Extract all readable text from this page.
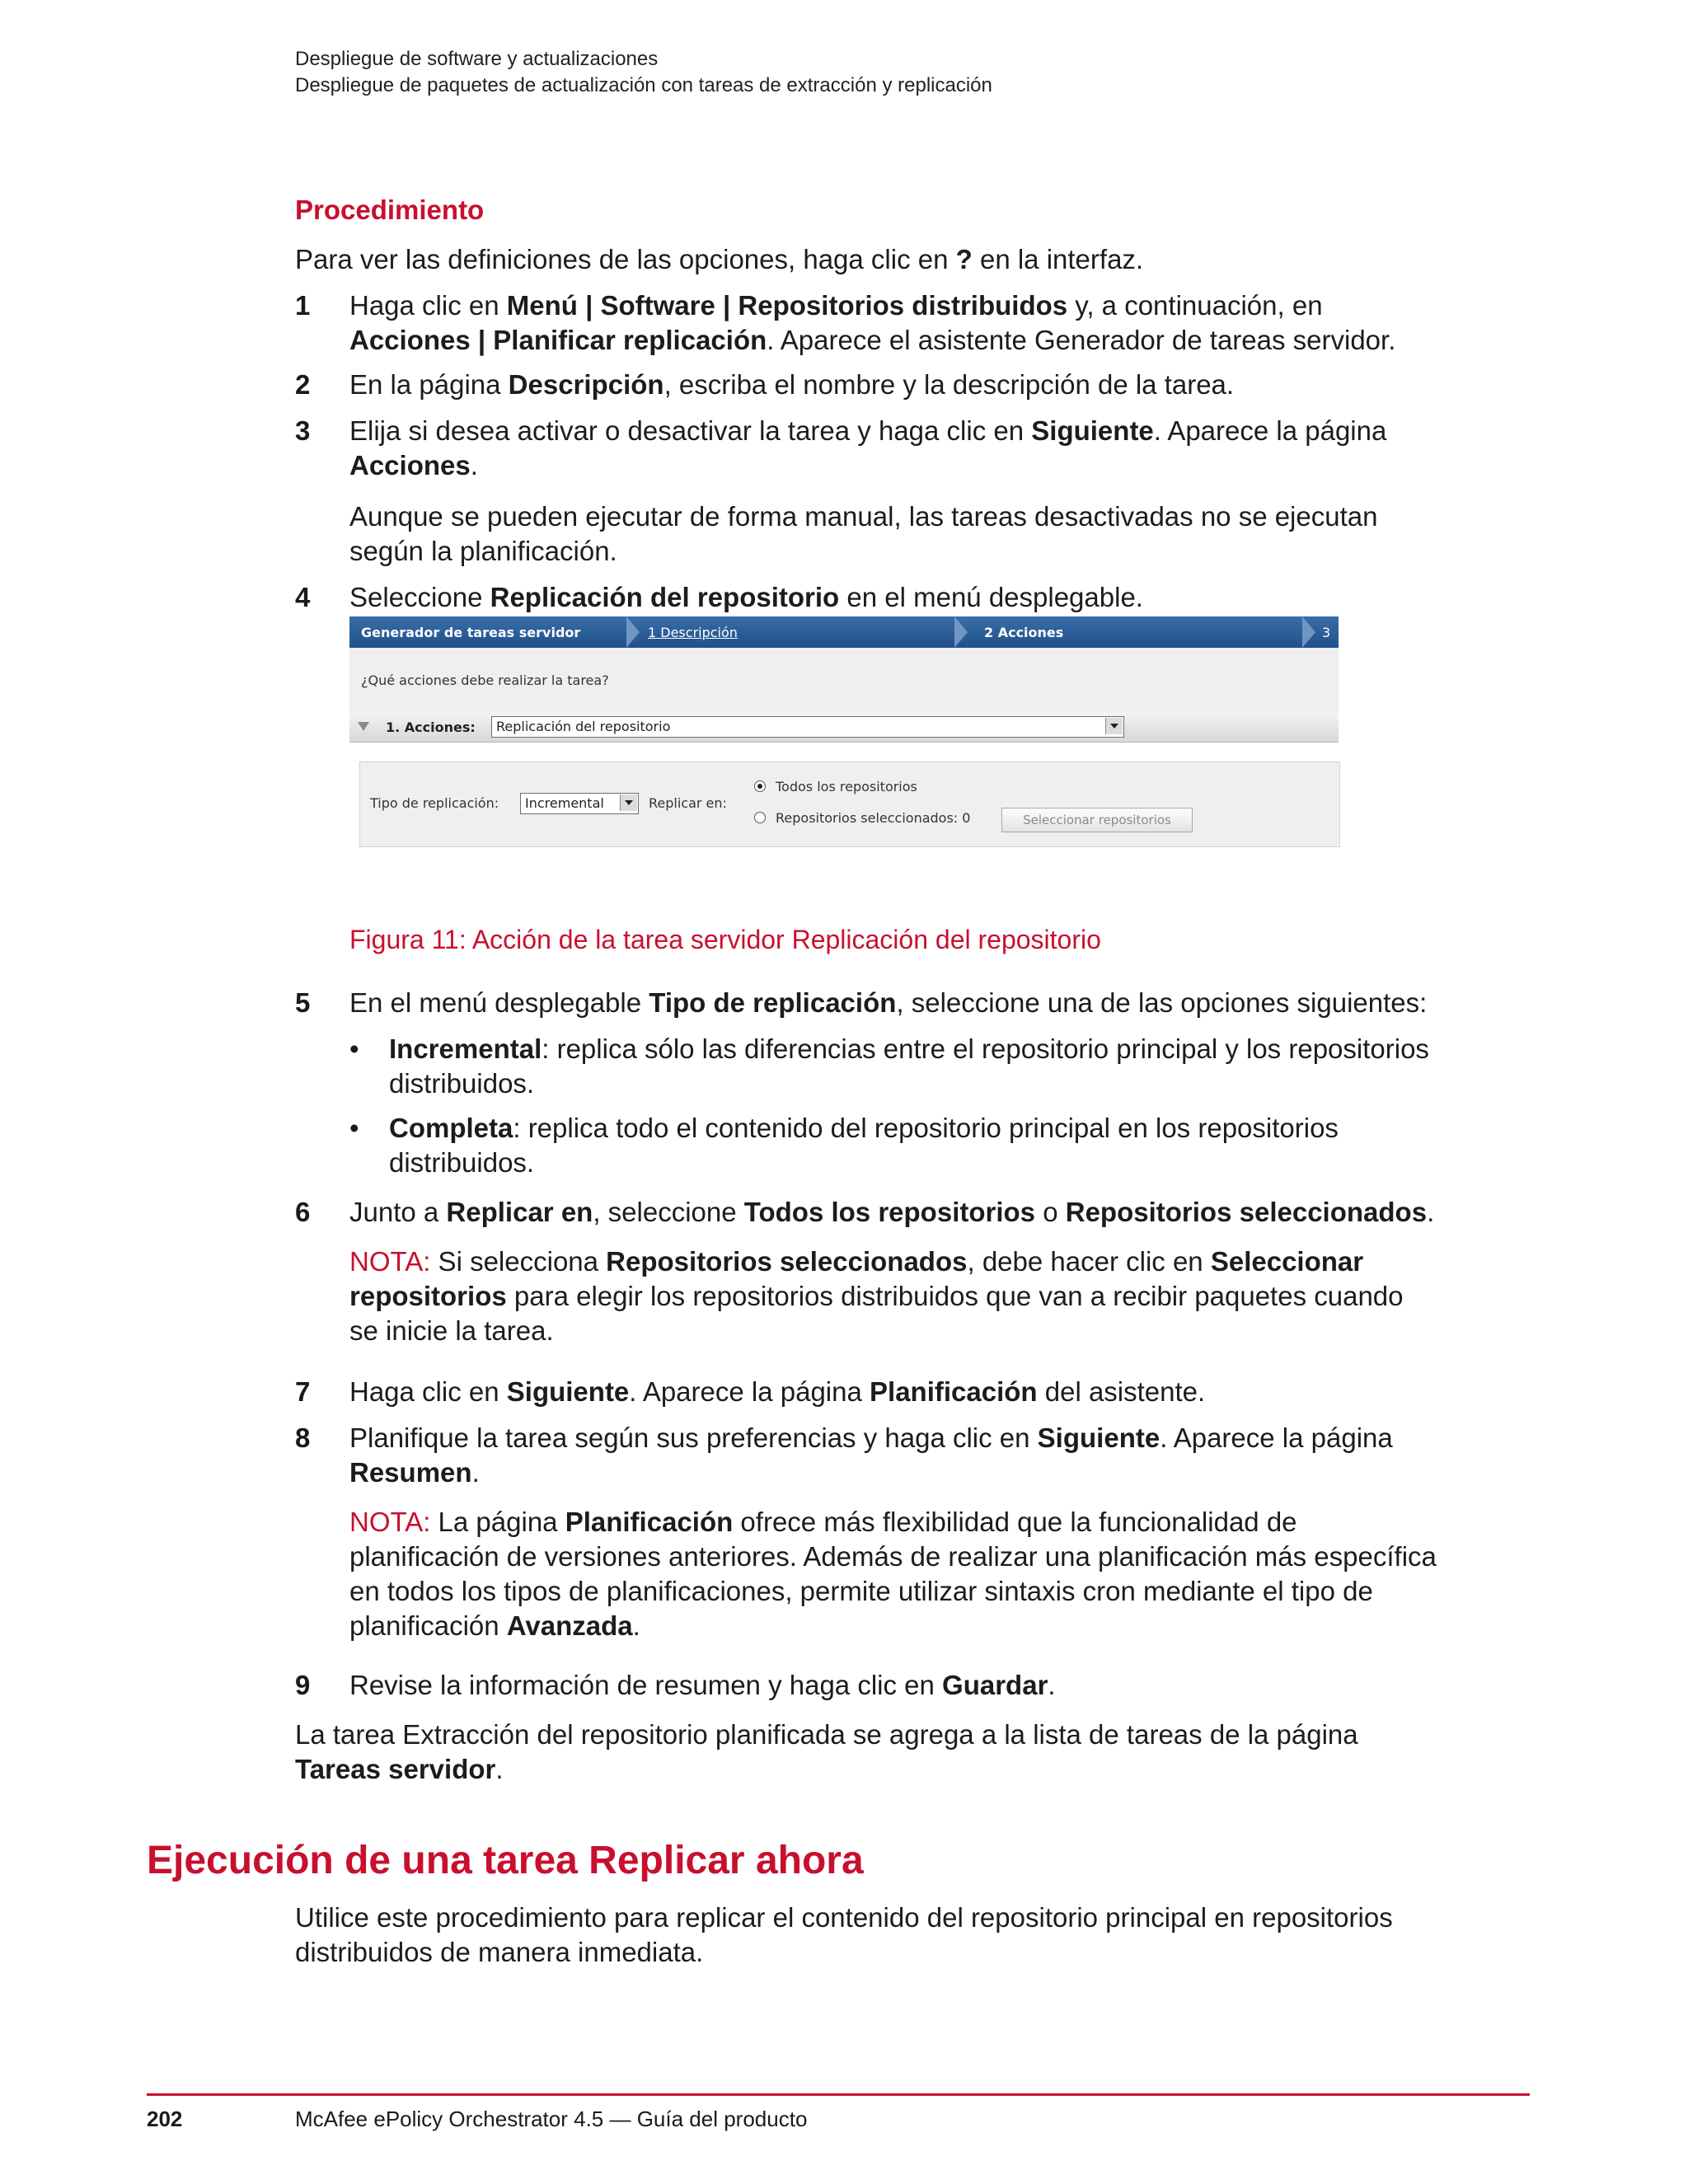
Despliegue de software y actualizaciones
Despliegue de paquetes de actualización con tareas de extracción y replicación
Procedimiento
Para ver las definiciones de las opciones, haga clic en ? en la interfaz.
1 Haga clic en Menú | Software | Repositorios distribuidos y, a continuación, en Acciones | Planificar replicación. Aparece el asistente Generador de tareas servidor.
2 En la página Descripción, escriba el nombre y la descripción de la tarea.
3 Elija si desea activar o desactivar la tarea y haga clic en Siguiente. Aparece la página Acciones.
Aunque se pueden ejecutar de forma manual, las tareas desactivadas no se ejecutan según la planificación.
4 Seleccione Replicación del repositorio en el menú desplegable.
Generador de tareas servidor	1 Descripción	2 Acciones	3
¿Qué acciones debe realizar la tarea?
1. Acciones: Replicación del repositorio
Tipo de replicación: Incremental	Replicar en:
Todos los repositorios
Repositorios seleccionados: 0	Seleccionar repositorios
Figura 11: Acción de la tarea servidor Replicación del repositorio
5 En el menú desplegable Tipo de replicación, seleccione una de las opciones siguientes:
• Incremental: replica sólo las diferencias entre el repositorio principal y los repositorios distribuidos.
• Completa: replica todo el contenido del repositorio principal en los repositorios distribuidos.
6 Junto a Replicar en, seleccione Todos los repositorios o Repositorios seleccionados.
NOTA: Si selecciona Repositorios seleccionados, debe hacer clic en Seleccionar repositorios para elegir los repositorios distribuidos que van a recibir paquetes cuando se inicie la tarea.
7 Haga clic en Siguiente. Aparece la página Planificación del asistente.
8 Planifique la tarea según sus preferencias y haga clic en Siguiente. Aparece la página Resumen.
NOTA: La página Planificación ofrece más flexibilidad que la funcionalidad de planificación de versiones anteriores. Además de realizar una planificación más específica en todos los tipos de planificaciones, permite utilizar sintaxis cron mediante el tipo de planificación Avanzada.
9 Revise la información de resumen y haga clic en Guardar.
La tarea Extracción del repositorio planificada se agrega a la lista de tareas de la página Tareas servidor.
Ejecución de una tarea Replicar ahora
Utilice este procedimiento para replicar el contenido del repositorio principal en repositorios distribuidos de manera inmediata.
202	McAfee ePolicy Orchestrator 4.5 — Guía del producto
